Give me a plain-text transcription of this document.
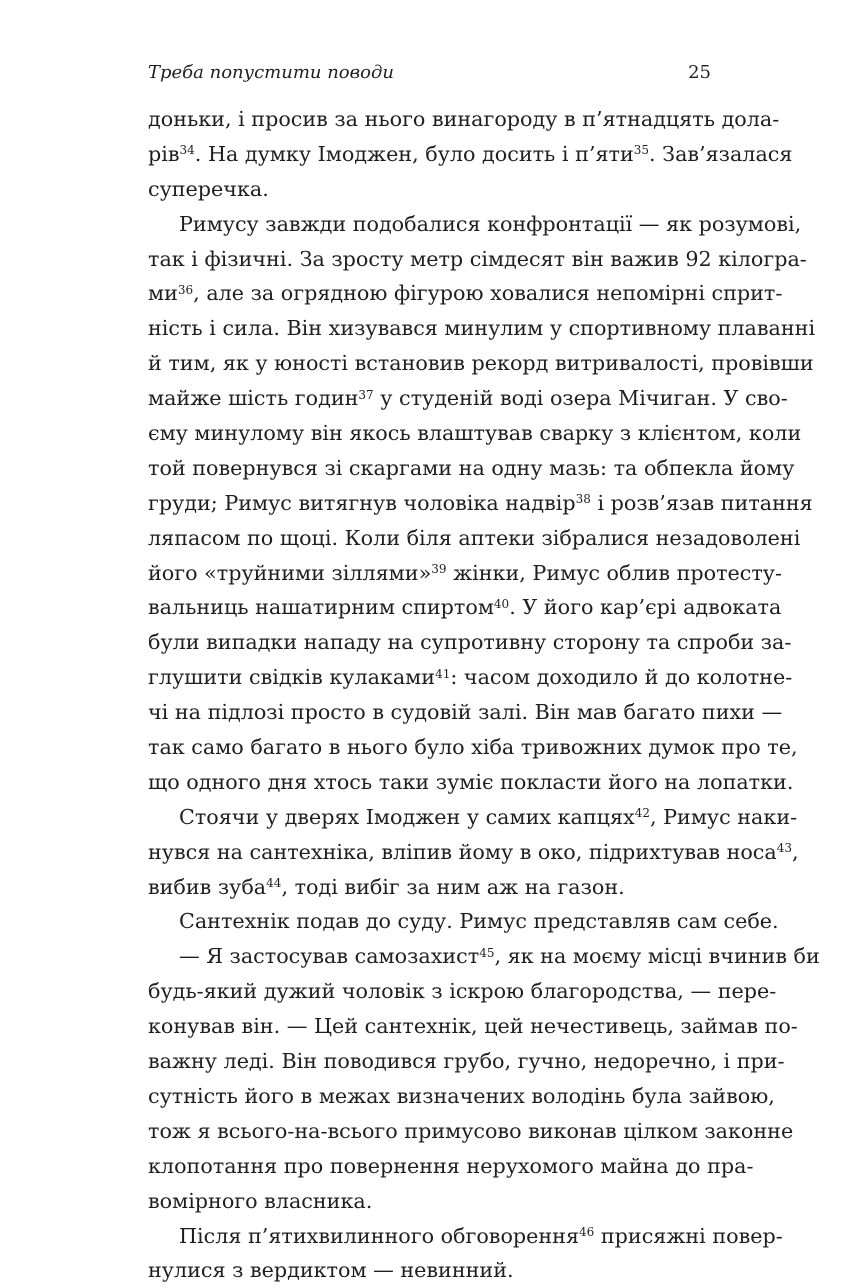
Треба попустити поводи	25
доньки, і просив за нього винагороду в п’ятнадцять дола-
рів$^{34}$. На думку Імоджен, було досить і п’яти$^{35}$. Зав’язалася
суперечка.
Римусу завжди подобалися конфронтації — як розумові,
так і фізичні. За зросту метр сімдесят він важив 92 кілогра-
$ми^{36}$, але за огрядною фігурою ховалися непомірні сприт-
ність і сила. Він хизувався минулим у спортивному плаванні
й тим, як у юності встановив рекорд витривалості, провівши
майже шість годин$^{37}$ у студеній воді озера Мічиган. У сво-
єму минулому він якось влаштував сварку з клієнтом, коли
той повернувся зі скаргами на одну мазь: та обпекла йому
груди; Римус витягнув чоловіка надвір$^{38}$ і розв’язав питання
ляпасом по щоці. Коли біля аптеки зібралися незадоволені
його «труйними зіллями»$^{39}$ жінки, Римус облив протесту-
вальниць нашатирним спиртом$^{40}$. У його кар’єрі адвоката
були випадки нападу на супротивну сторону та спроби за-
глушити свідків кулаками$^{41}$: часом доходило й до колотне-
чі на підлозі просто в судовій залі. Він мав багато пихи —
так само багато в нього було хіба тривожних думок про те,
що одного дня хтось таки зуміє покласти його на лопатки.
Стоячи у дверях Імоджен у самих капцях$^{42}$, Римус наки-
нувся на сантехніка, вліпив йому в око, підрихтував носа$^{43}$,
вибив зуба$^{44}$, тоді вибіг за ним аж на газон.
Сантехнік подав до суду. Римус представляв сам себе.
— Я застосував самозахист$^{45}$, як на моєму місці вчинив би
будь-який дужий чоловік з іскрою благородства, — пере-
конував він. — Цей сантехнік, цей нечестивець, займав по-
важну леді. Він поводився грубо, гучно, недоречно, і при-
сутність його в межах визначених володінь була зайвою,
тож я всього-на-всього примусово виконав цілком законне
клопотання про повернення нерухомого майна до пра-
вомірного власника.
Після п’ятихвилинного обговорення$^{46}$ присяжні повер-
нулися з вердиктом — невинний.
